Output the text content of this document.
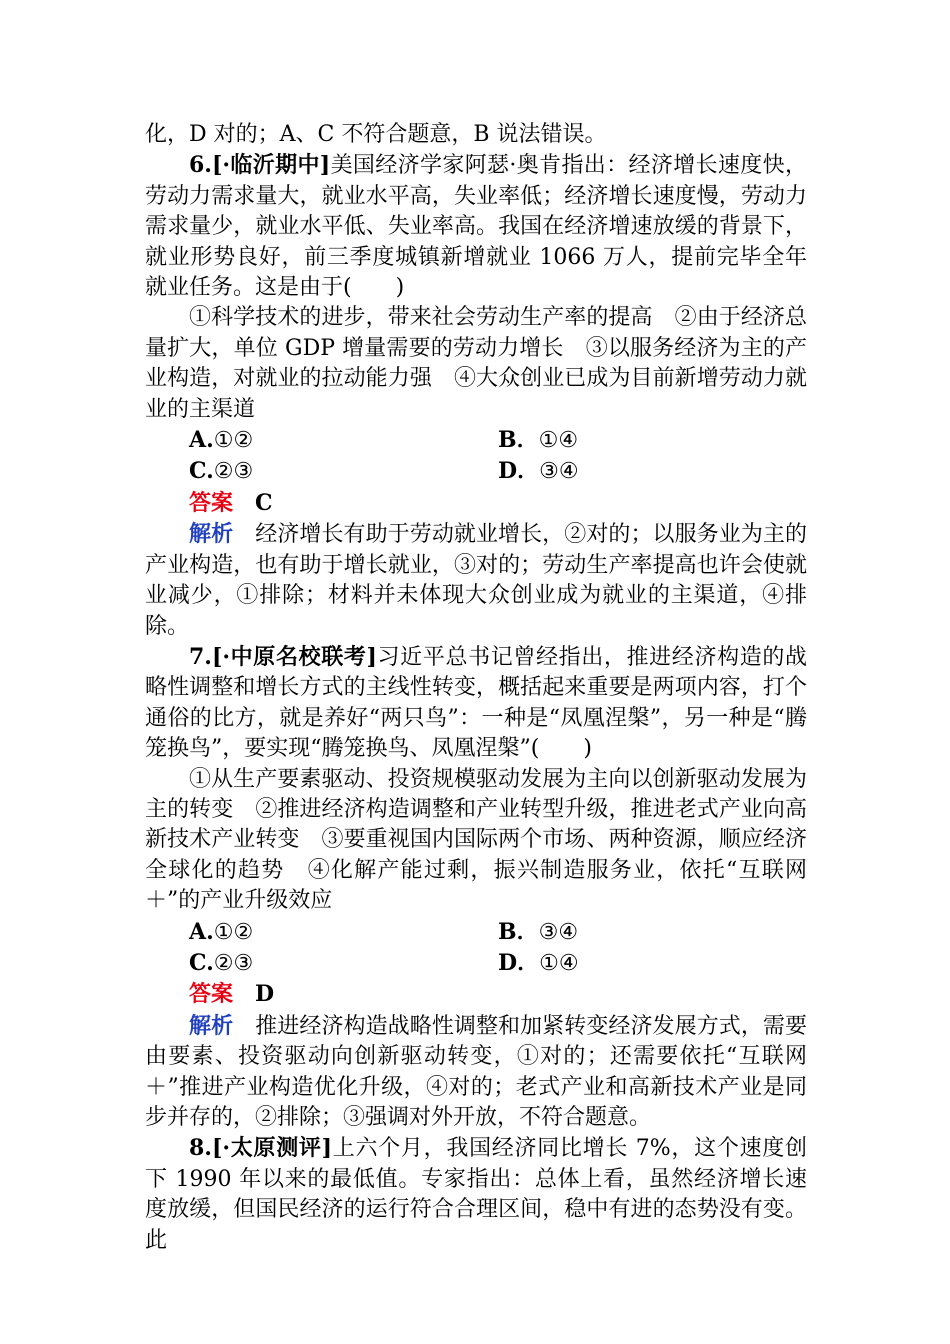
化，D 对的；A、C 不符合题意，B 说法错误。

6.[·临沂期中]美国经济学家阿瑟·奥肯指出：经济增长速度快，劳动力需求量大，就业水平高，失业率低；经济增长速度慢，劳动力需求量少，就业水平低、失业率高。我国在经济增速放缓的背景下，就业形势良好，前三季度城镇新增就业 1066 万人，提前完毕全年就业任务。这是由于(　　)

①科学技术的进步，带来社会劳动生产率的提高　②由于经济总量扩大，单位 GDP 增量需要的劳动力增长　③以服务经济为主的产业构造，对就业的拉动能力强　④大众创业已成为目前新增劳动力就业的主渠道

A.①②	B．①④
C.②③	D．③④

答案 C

解析 经济增长有助于劳动就业增长，②对的；以服务业为主的产业构造，也有助于增长就业，③对的；劳动生产率提高也许会使就业减少，①排除；材料并未体现大众创业成为就业的主渠道，④排除。

7.[·中原名校联考]习近平总书记曾经指出，推进经济构造的战略性调整和增长方式的主线性转变，概括起来重要是两项内容，打个通俗的比方，就是养好“两只鸟”：一种是“凤凰涅槃”，另一种是“腾笼换鸟”，要实现“腾笼换鸟、凤凰涅槃”(　　)

①从生产要素驱动、投资规模驱动发展为主向以创新驱动发展为主的转变　②推进经济构造调整和产业转型升级，推进老式产业向高新技术产业转变　③要重视国内国际两个市场、两种资源，顺应经济全球化的趋势　④化解产能过剩，振兴制造服务业，依托“互联网＋”的产业升级效应

A.①②	B．③④
C.②③	D．①④

答案 D

解析 推进经济构造战略性调整和加紧转变经济发展方式，需要由要素、投资驱动向创新驱动转变，①对的；还需要依托“互联网＋”推进产业构造优化升级，④对的；老式产业和高新技术产业是同步并存的，②排除；③强调对外开放，不符合题意。

8.[·太原测评]上六个月，我国经济同比增长 7%，这个速度创下 1990 年以来的最低值。专家指出：总体上看，虽然经济增长速度放缓，但国民经济的运行符合合理区间，稳中有进的态势没有变。此
